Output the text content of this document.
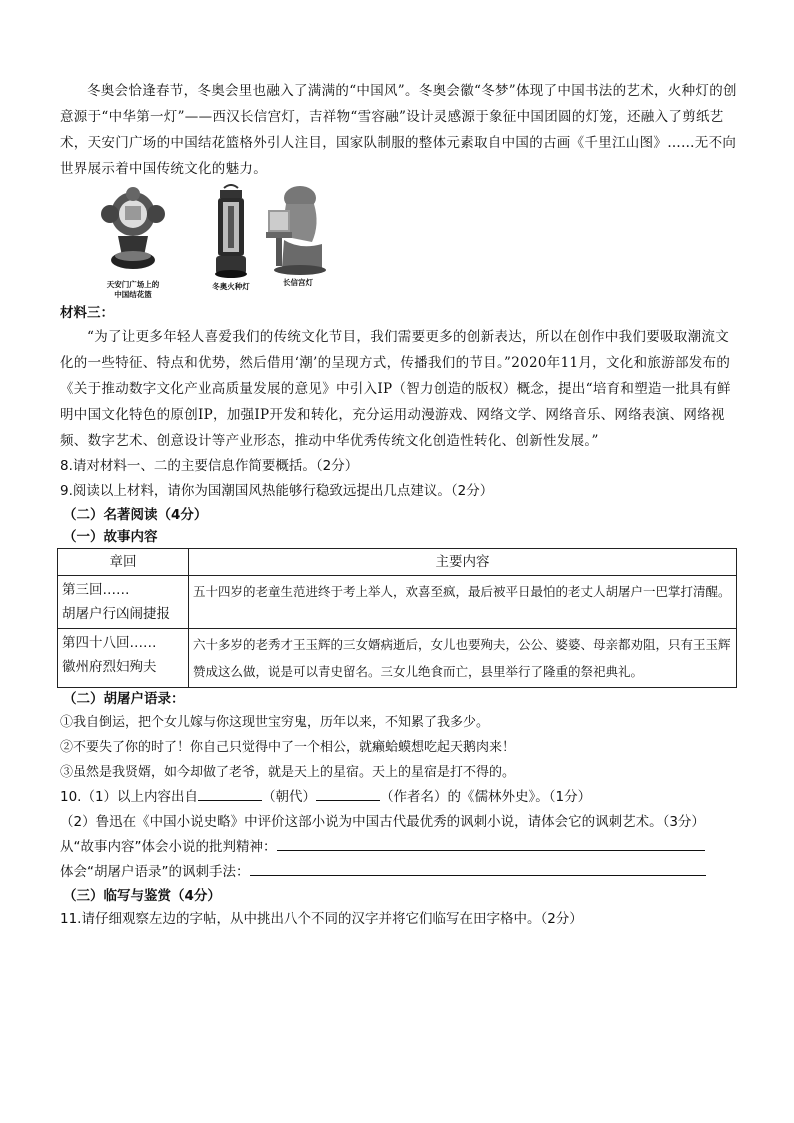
冬奥会恰逢春节，冬奥会里也融入了满满的“中国风”。冬奥会徽“冬梦”体现了中国书法的艺术，火种灯的创意源于“中华第一灯”——西汉长信宫灯，吉祥物“雪容融”设计灵感源于象征中国团圆的灯笼，还融入了剪纸艺术，天安门广场的中国结花篮格外引人注目，国家队制服的整体元素取自中国的古画《千里江山图》……无不向世界展示着中国传统文化的魅力。

天安门广场上的
中国结花篮
冬奥火种灯	长信宫灯

材料三：

“为了让更多年轻人喜爱我们的传统文化节目，我们需要更多的创新表达，所以在创作中我们要吸取潮流文化的一些特征、特点和优势，然后借用‘潮’的呈现方式，传播我们的节目。”2020年11月，文化和旅游部发布的《关于推动数字文化产业高质量发展的意见》中引入IP（智力创造的版权）概念，提出“培育和塑造一批具有鲜明中国文化特色的原创IP，加强IP开发和转化，充分运用动漫游戏、网络文学、网络音乐、网络表演、网络视频、数字艺术、创意设计等产业形态，推动中华优秀传统文化创造性转化、创新性发展。”

8.请对材料一、二的主要信息作简要概括。（2分）

9.阅读以上材料，请你为国潮国风热能够行稳致远提出几点建议。（2分）

（二）名著阅读（4分）

（一）故事内容

章回	主要内容

第三回……
胡屠户行凶闹捷报	五十四岁的老童生范进终于考上举人，欢喜至疯，最后被平日最怕的老丈人胡屠户一巴掌打清醒。

第四十八回……
徽州府烈妇殉夫	六十多岁的老秀才王玉辉的三女婿病逝后，女儿也要殉夫，公公、婆婆、母亲都劝阻，只有王玉辉赞成这么做，说是可以青史留名。三女儿绝食而亡，县里举行了隆重的祭祀典礼。

（二）胡屠户语录：

①我自倒运，把个女儿嫁与你这现世宝穷鬼，历年以来，不知累了我多少。

②不要失了你的时了！你自己只觉得中了一个相公，就癞蛤蟆想吃起天鹅肉来！

③虽然是我贤婿，如今却做了老爷，就是天上的星宿。天上的星宿是打不得的。

10.（1）以上内容出自	（朝代）	（作者名）的《儒林外史》。（1分）

（2）鲁迅在《中国小说史略》中评价这部小说为中国古代最优秀的讽刺小说，请体会它的讽刺艺术。（3分）

从“故事内容”体会小说的批判精神：

体会“胡屠户语录”的讽刺手法：

（三）临写与鉴赏（4分）

11.请仔细观察左边的字帖，从中挑出八个不同的汉字并将它们临写在田字格中。（2分）
